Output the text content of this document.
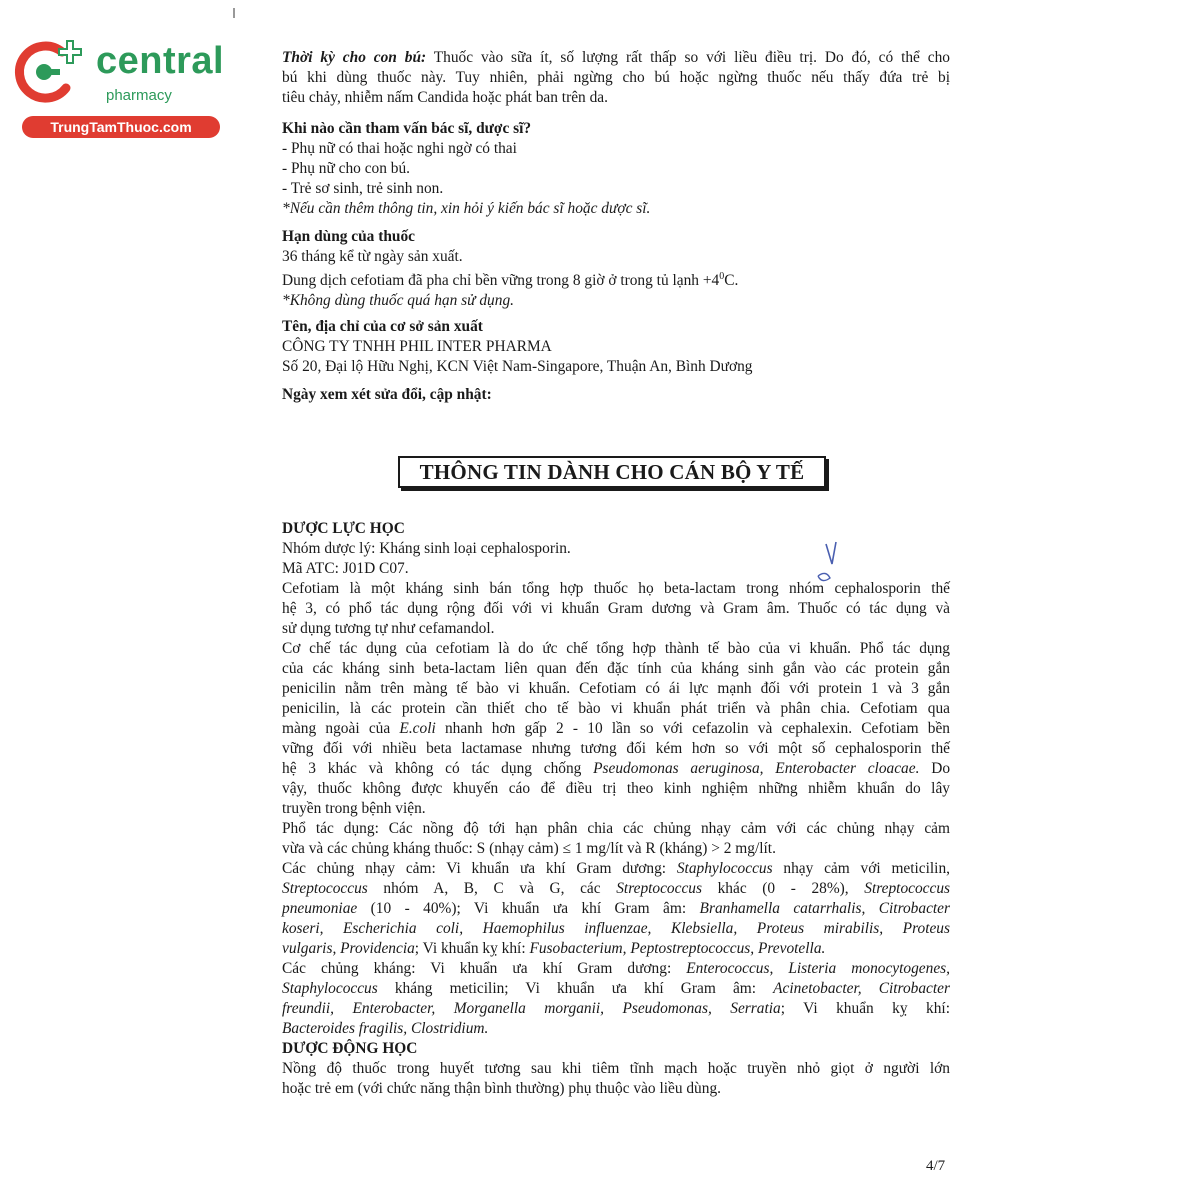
central
pharmacy
TrungTamThuoc.com

Thời kỳ cho con bú: Thuốc vào sữa ít, số lượng rất thấp so với liều điều trị. Do đó, có thể cho

bú khi dùng thuốc này. Tuy nhiên, phải ngừng cho bú hoặc ngừng thuốc nếu thấy đứa trẻ bị

tiêu chảy, nhiễm nấm Candida hoặc phát ban trên da.

Khi nào cần tham vấn bác sĩ, dược sĩ?

- Phụ nữ có thai hoặc nghi ngờ có thai

- Phụ nữ cho con bú.

- Trẻ sơ sinh, trẻ sinh non.

*Nếu cần thêm thông tin, xin hỏi ý kiến bác sĩ hoặc dược sĩ.

Hạn dùng của thuốc

36 tháng kể từ ngày sản xuất.

Dung dịch cefotiam đã pha chỉ bền vững trong 8 giờ ở trong tủ lạnh $+4^0C$.

*Không dùng thuốc quá hạn sử dụng.

Tên, địa chỉ của cơ sở sản xuất

CÔNG TY TNHH PHIL INTER PHARMA

Số 20, Đại lộ Hữu Nghị, KCN Việt Nam-Singapore, Thuận An, Bình Dương

Ngày xem xét sửa đổi, cập nhật:

THÔNG TIN DÀNH CHO CÁN BỘ Y TẾ

DƯỢC LỰC HỌC

Nhóm dược lý: Kháng sinh loại cephalosporin.

Mã ATC: J01D C07.

Cefotiam là một kháng sinh bán tổng hợp thuốc họ beta-lactam trong nhóm cephalosporin thế

hệ 3, có phổ tác dụng rộng đối với vi khuẩn Gram dương và Gram âm. Thuốc có tác dụng và

sử dụng tương tự như cefamandol.

Cơ chế tác dụng của cefotiam là do ức chế tổng hợp thành tế bào của vi khuẩn. Phổ tác dụng

của các kháng sinh beta-lactam liên quan đến đặc tính của kháng sinh gắn vào các protein gắn

penicilin nằm trên màng tế bào vi khuẩn. Cefotiam có ái lực mạnh đối với protein 1 và 3 gắn

penicilin, là các protein cần thiết cho tế bào vi khuẩn phát triển và phân chia. Cefotiam qua

màng ngoài của E.coli nhanh hơn gấp 2 - 10 lần so với cefazolin và cephalexin. Cefotiam bền

vững đối với nhiều beta lactamase nhưng tương đối kém hơn so với một số cephalosporin thế

hệ 3 khác và không có tác dụng chống Pseudomonas aeruginosa, Enterobacter cloacae. Do

vậy, thuốc không được khuyến cáo để điều trị theo kinh nghiệm những nhiễm khuẩn do lây

truyền trong bệnh viện.

Phổ tác dụng: Các nồng độ tới hạn phân chia các chủng nhạy cảm với các chủng nhạy cảm

vừa và các chủng kháng thuốc: S (nhạy cảm) ≤ 1 mg/lít và R (kháng) > 2 mg/lít.

Các chủng nhạy cảm: Vi khuẩn ưa khí Gram dương: Staphylococcus nhạy cảm với meticilin,

Streptococcus nhóm A, B, C và G, các Streptococcus khác (0 - 28%), Streptococcus

pneumoniae (10 - 40%); Vi khuẩn ưa khí Gram âm: Branhamella catarrhalis, Citrobacter

koseri, Escherichia coli, Haemophilus influenzae, Klebsiella, Proteus mirabilis, Proteus

vulgaris, Providencia; Vi khuẩn kỵ khí: Fusobacterium, Peptostreptococcus, Prevotella.

Các chủng kháng: Vi khuẩn ưa khí Gram dương: Enterococcus, Listeria monocytogenes,

Staphylococcus kháng meticilin; Vi khuẩn ưa khí Gram âm: Acinetobacter, Citrobacter

freundii, Enterobacter, Morganella morganii, Pseudomonas, Serratia; Vi khuẩn kỵ khí:

Bacteroides fragilis, Clostridium.

DƯỢC ĐỘNG HỌC

Nồng độ thuốc trong huyết tương sau khi tiêm tĩnh mạch hoặc truyền nhỏ giọt ở người lớn

hoặc trẻ em (với chức năng thận bình thường) phụ thuộc vào liều dùng.

4/7
